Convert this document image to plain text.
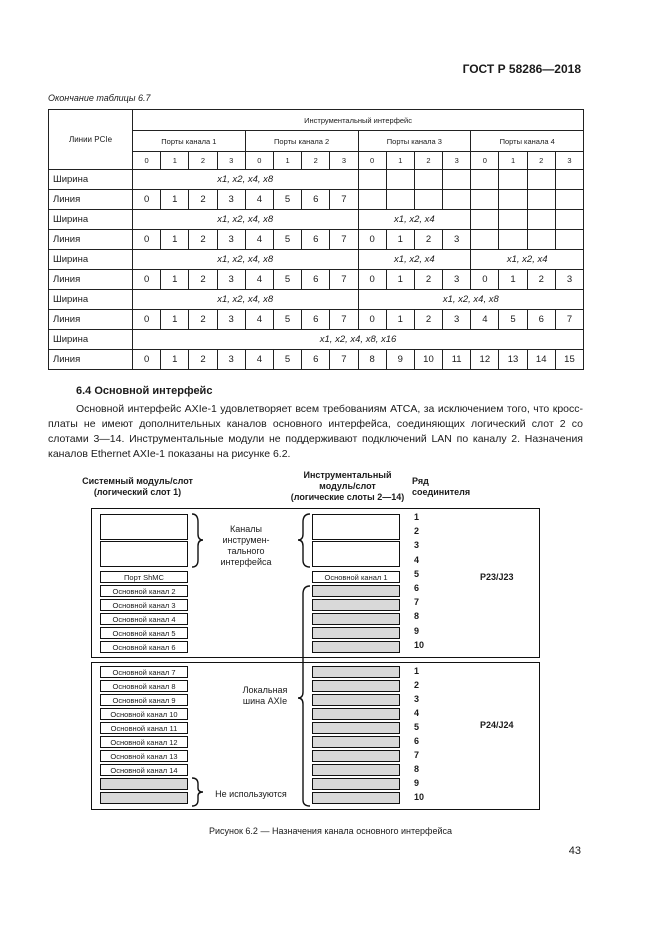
ГОСТ Р 58286—2018
Окончание таблицы 6.7
Линии PCIe	Инструментальный интерфейс															
	Порты канала 1				Порты канала 2				Порты канала 3				Порты канала 4			
	0	1	2	3	0	1	2	3	0	1	2	3	0	1	2	3
Ширина	x1, x2, x4, x8															
Линия	0	1	2	3	4	5	6	7								
Ширина	x1, x2, x4, x8								x1, x2, x4							
Линия	0	1	2	3	4	5	6	7	0	1	2	3				
Ширина	x1, x2, x4, x8								x1, x2, x4				x1, x2, x4			
Линия	0	1	2	3	4	5	6	7	0	1	2	3	0	1	2	3
Ширина	x1, x2, x4, x8								x1, x2, x4, x8							
Линия	0	1	2	3	4	5	6	7	0	1	2	3	4	5	6	7
Ширина	x1, x2, x4, x8, x16															
Линия	0	1	2	3	4	5	6	7	8	9	10	11	12	13	14	15
6.4 Основной интерфейс
Основной интерфейс AXIe-1 удовлетворяет всем требованиям ATCA, за исключением того, что кросс-платы не имеют дополнительных каналов основного интерфейса, соединяющих логический слот 2 со слотами 3—14. Инструментальные модули не поддерживают подключений LAN по каналу 2. Назначения каналов Ethernet AXIe-1 показаны на рисунке 6.2.
Системный модуль/слот
(логический слот 1)
Инструментальный
модуль/слот
(логические слоты 2—14)
Ряд
соединителя
Порт ShMC
Основной канал 2
Основной канал 3
Основной канал 4
Основной канал 5
Основной канал 6
Основной канал 1
Каналы
инструмен-
тального
интерфейса
Локальная
шина AXIe
Не используются
Основной канал 7
Основной канал 8
Основной канал 9
Основной канал 10
Основной канал 11
Основной канал 12
Основной канал 13
Основной канал 14
1
2
3
4
5
6
7
8
9
10
1
2
3
4
5
6
7
8
9
10
P23/J23
P24/J24
Рисунок 6.2 — Назначения канала основного интерфейса
43
